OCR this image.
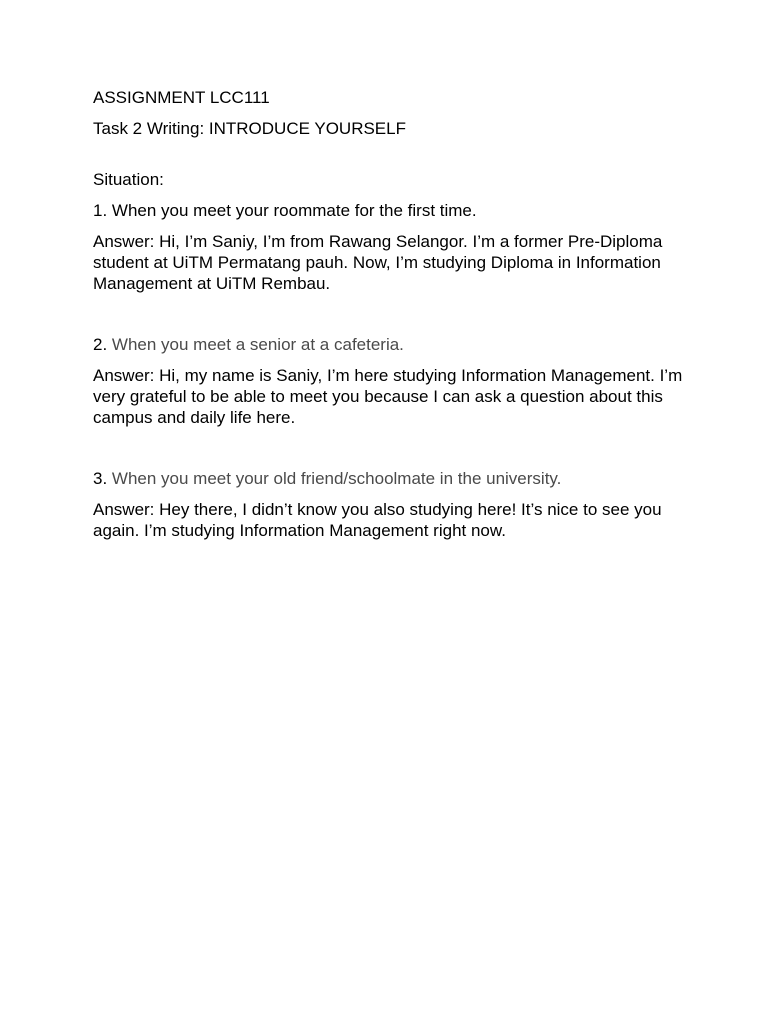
ASSIGNMENT LCC111

Task 2 Writing: INTRODUCE YOURSELF

Situation:

1. When you meet your roommate for the first time.

Answer: Hi, I’m Saniy, I’m from Rawang Selangor. I’m a former Pre-Diploma student at UiTM Permatang pauh. Now, I’m studying Diploma in Information Management at UiTM Rembau.

2. When you meet a senior at a cafeteria.

Answer: Hi, my name is Saniy, I’m here studying Information Management. I’m very grateful to be able to meet you because I can ask a question about this campus and daily life here.

3. When you meet your old friend/schoolmate in the university.

Answer: Hey there, I didn’t know you also studying here! It’s nice to see you again. I’m studying Information Management right now.
